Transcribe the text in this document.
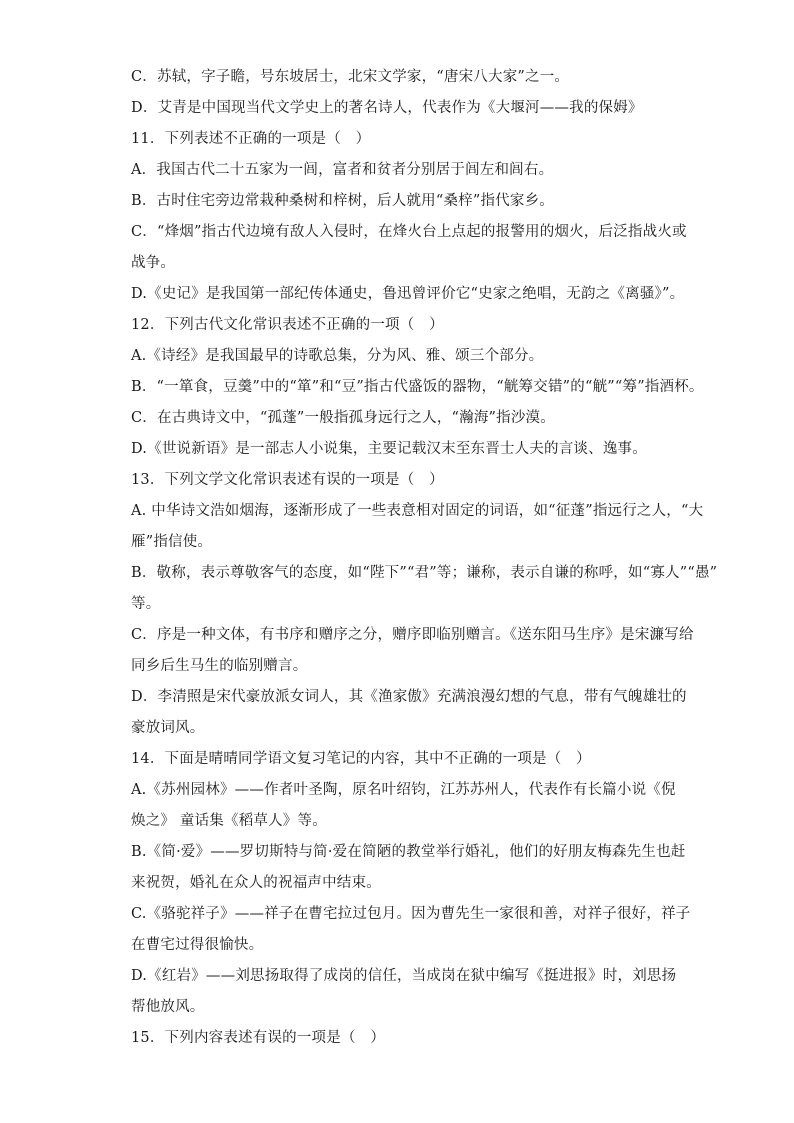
C．苏轼，字子瞻，号东坡居士，北宋文学家，“唐宋八大家”之一。
D．艾青是中国现当代文学史上的著名诗人，代表作为《大堰河——我的保姆》
11．下列表述不正确的一项是（　）
A．我国古代二十五家为一闾，富者和贫者分别居于闾左和闾右。
B．古时住宅旁边常栽种桑树和梓树，后人就用“桑梓”指代家乡。
C．“烽烟”指古代边境有敌人入侵时，在烽火台上点起的报警用的烟火，后泛指战火或
战争。
D.《史记》是我国第一部纪传体通史，鲁迅曾评价它“史家之绝唱，无韵之《离骚》”。
12．下列古代文化常识表述不正确的一项（　）
A.《诗经》是我国最早的诗歌总集，分为风、雅、颂三个部分。
B．“一箪食，豆羹”中的“箪”和“豆”指古代盛饭的器物，“觥筹交错”的“觥”“筹”指酒杯。
C．在古典诗文中，“孤蓬”一般指孤身远行之人，“瀚海”指沙漠。
D.《世说新语》是一部志人小说集，主要记载汉末至东晋士人夫的言谈、逸事。
13．下列文学文化常识表述有误的一项是（　）
A. 中华诗文浩如烟海，逐渐形成了一些表意相对固定的词语，如“征蓬”指远行之人，“大
雁”指信使。
B．敬称，表示尊敬客气的态度，如“陛下”“君”等；谦称，表示自谦的称呼，如“寡人”“愚”
等。
C．序是一种文体，有书序和赠序之分，赠序即临别赠言。《送东阳马生序》是宋濂写给
同乡后生马生的临别赠言。
D．李清照是宋代豪放派女词人，其《渔家傲》充满浪漫幻想的气息，带有气魄雄壮的
豪放词风。
14．下面是晴晴同学语文复习笔记的内容，其中不正确的一项是（　）
A.《苏州园林》——作者叶圣陶，原名叶绍钧，江苏苏州人，代表作有长篇小说《倪
焕之》 童话集《稻草人》等。
B.《简·爱》——罗切斯特与简·爱在简陋的教堂举行婚礼，他们的好朋友梅森先生也赶
来祝贺，婚礼在众人的祝福声中结束。
C.《骆驼祥子》——祥子在曹宅拉过包月。因为曹先生一家很和善，对祥子很好，祥子
在曹宅过得很愉快。
D.《红岩》——刘思扬取得了成岗的信任，当成岗在狱中编写《挺进报》时，刘思扬
帮他放风。
15．下列内容表述有误的一项是（　）
